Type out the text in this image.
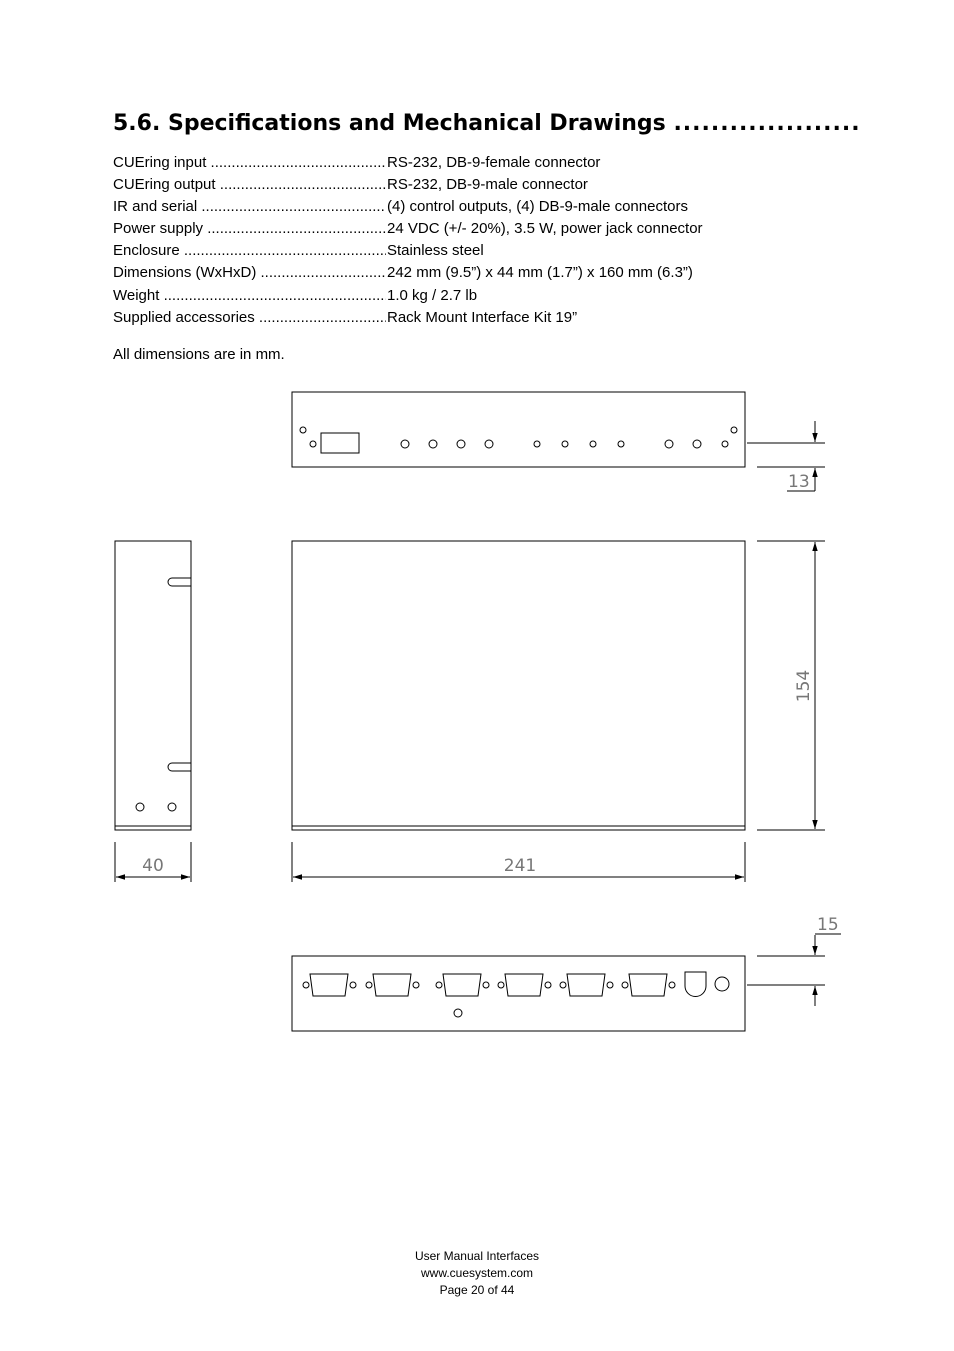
5.6. Specifications and Mechanical Drawings ....................
CUEring input .....	RS-232, DB-9-female connector
CUEring output .....	RS-232, DB-9-male connector
IR and serial .....	(4) control outputs, (4) DB-9-male connectors
Power supply .....	24 VDC (+/- 20%), 3.5 W, power jack connector
Enclosure .....	Stainless steel
Dimensions (WxHxD) .....	242 mm (9.5”) x 44 mm (1.7”) x 160 mm (6.3”)
Weight .....	1.0 kg / 2.7 lb
Supplied accessories .....	Rack Mount Interface Kit 19”
All dimensions are in mm.
13
154
40	241
15
User Manual Interfaces
www.cuesystem.com
Page 20 of 44
